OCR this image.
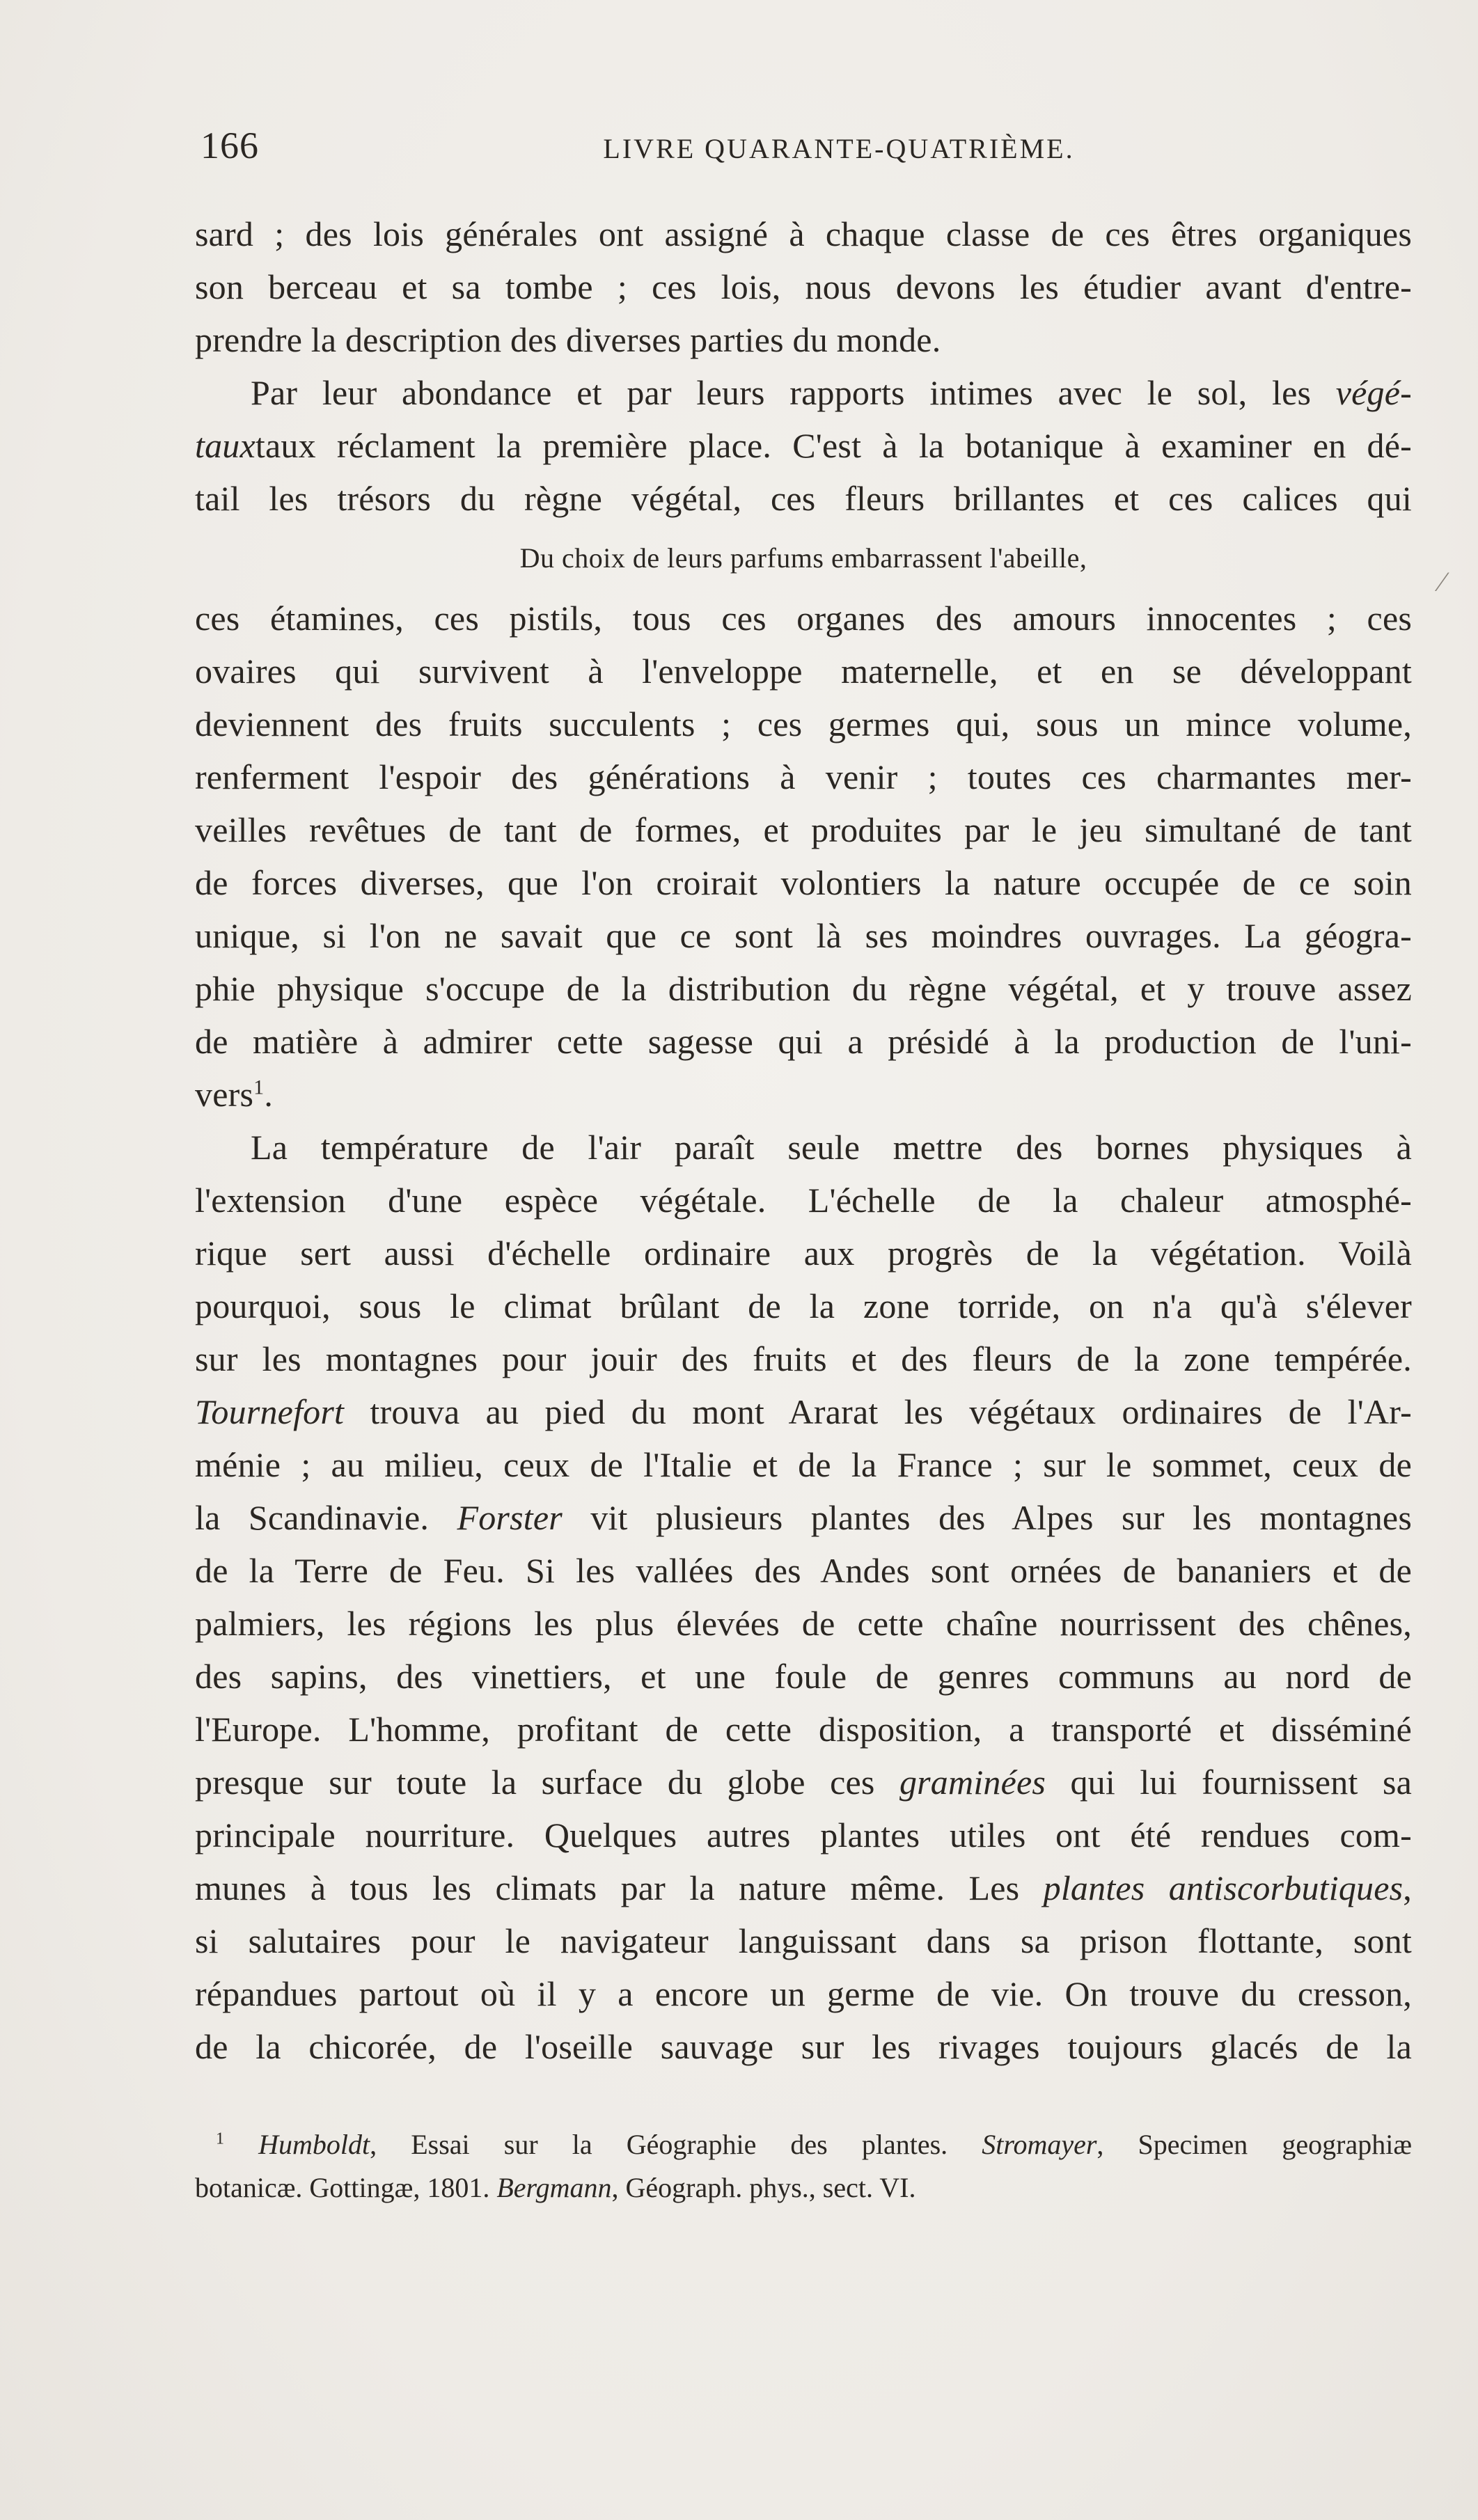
166	LIVRE QUARANTE-QUATRIÈME.
sard ; des lois générales ont assigné à chaque classe de ces êtres organiques
son berceau et sa tombe ; ces lois, nous devons les étudier avant d'entre-
prendre la description des diverses parties du monde.
Par leur abondance et par leurs rapports intimes avec le sol, les végé-
tauxtaux réclament la première place. C'est à la botanique à examiner en dé-
tail les trésors du règne végétal, ces fleurs brillantes et ces calices qui
Du choix de leurs parfums embarrassent l'abeille,
ces étamines, ces pistils, tous ces organes des amours innocentes ; ces
ovaires qui survivent à l'enveloppe maternelle, et en se développant
deviennent des fruits succulents ; ces germes qui, sous un mince volume,
renferment l'espoir des générations à venir ; toutes ces charmantes mer-
veilles revêtues de tant de formes, et produites par le jeu simultané de tant
de forces diverses, que l'on croirait volontiers la nature occupée de ce soin
unique, si l'on ne savait que ce sont là ses moindres ouvrages. La géogra-
phie physique s'occupe de la distribution du règne végétal, et y trouve assez
de matière à admirer cette sagesse qui a présidé à la production de l'uni-
vers$^1$.
La température de l'air paraît seule mettre des bornes physiques à
l'extension d'une espèce végétale. L'échelle de la chaleur atmosphé-
rique sert aussi d'échelle ordinaire aux progrès de la végétation. Voilà
pourquoi, sous le climat brûlant de la zone torride, on n'a qu'à s'élever
sur les montagnes pour jouir des fruits et des fleurs de la zone tempérée.
Tournefort trouva au pied du mont Ararat les végétaux ordinaires de l'Ar-
ménie ; au milieu, ceux de l'Italie et de la France ; sur le sommet, ceux de
la Scandinavie. Forster vit plusieurs plantes des Alpes sur les montagnes
de la Terre de Feu. Si les vallées des Andes sont ornées de bananiers et de
palmiers, les régions les plus élevées de cette chaîne nourrissent des chênes,
des sapins, des vinettiers, et une foule de genres communs au nord de
l'Europe. L'homme, profitant de cette disposition, a transporté et disséminé
presque sur toute la surface du globe ces graminées qui lui fournissent sa
principale nourriture. Quelques autres plantes utiles ont été rendues com-
munes à tous les climats par la nature même. Les plantes antiscorbutiques,
si salutaires pour le navigateur languissant dans sa prison flottante, sont
répandues partout où il y a encore un germe de vie. On trouve du cresson,
de la chicorée, de l'oseille sauvage sur les rivages toujours glacés de la
$^1$ Humboldt, Essai sur la Géographie des plantes. Stromayer, Specimen geographiæ
botanicæ. Gottingæ, 1801. Bergmann, Géograph. phys., sect. VI.
⁄
